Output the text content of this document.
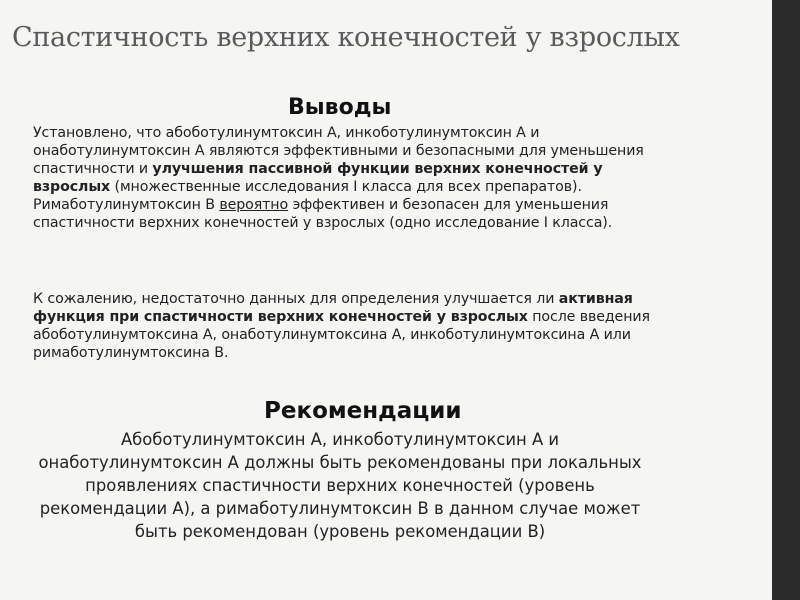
Спастичность верхних конечностей у взрослых
Выводы

Установлено, что абоботулинумтоксин А, инкоботулинумтоксин А и онаботулинумтоксин А являются эффективными и безопасными для уменьшения спастичности и улучшения пассивной функции верхних конечностей у взрослых (множественные исследования I класса для всех препаратов). Римаботулинумтоксин В вероятно эффективен и безопасен для уменьшения спастичности верхних конечностей у взрослых (одно исследование I класса).

К сожалению, недостаточно данных для определения улучшается ли активная функция при спастичности верхних конечностей у взрослых после введения абоботулинумтоксина А, онаботулинумтоксина А, инкоботулинумтоксина А или римаботулинумтоксина В.

Рекомендации

Абоботулинумтоксин А, инкоботулинумтоксин А и онаботулинумтоксин А должны быть рекомендованы при локальных проявлениях спастичности верхних конечностей (уровень рекомендации А), а римаботулинумтоксин В в данном случае может быть рекомендован (уровень рекомендации В)
